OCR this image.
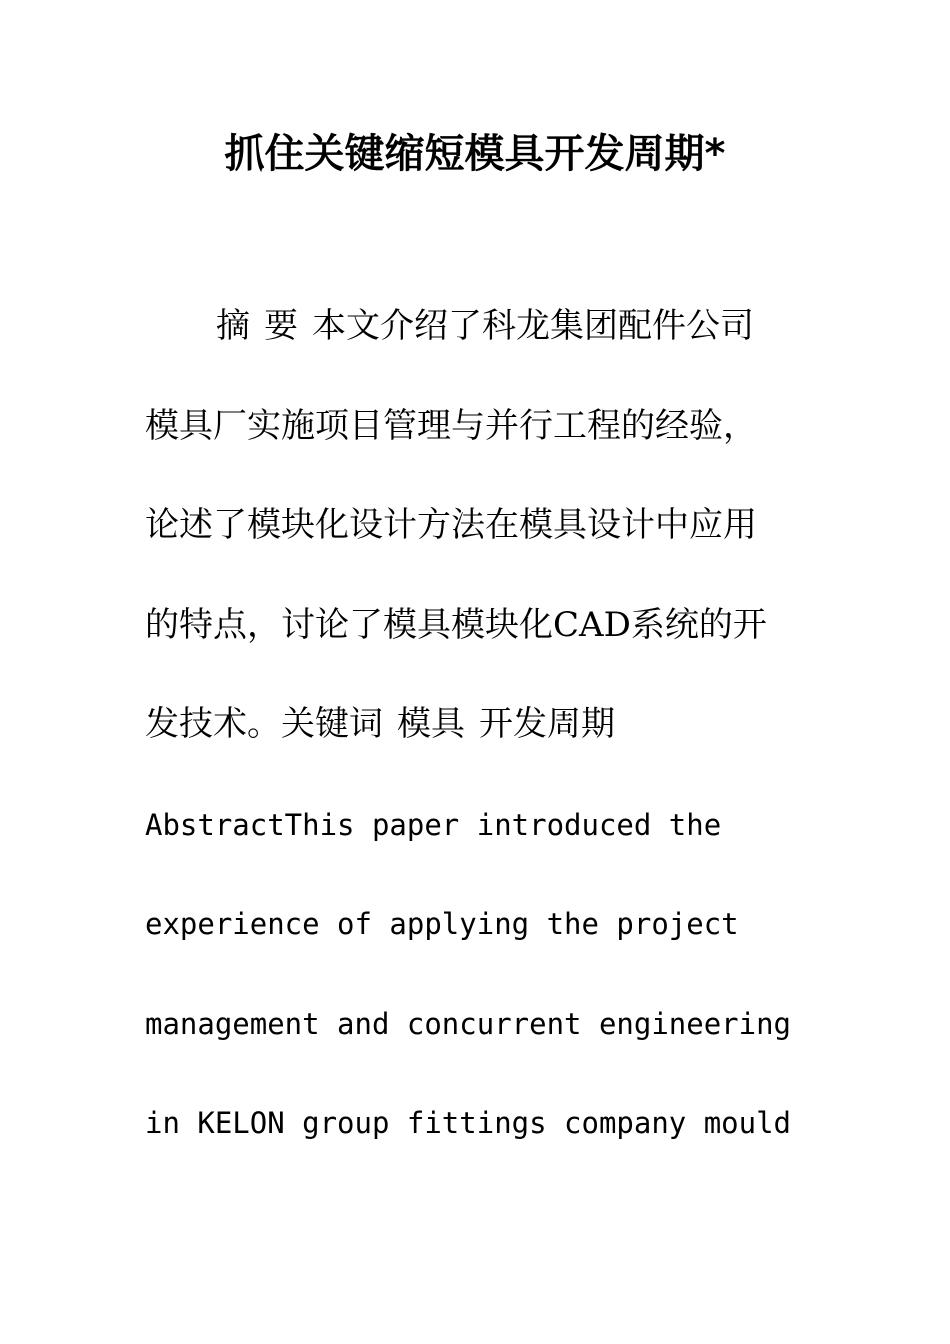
抓住关键缩短模具开发周期*
摘 要 本文介绍了科龙集团配件公司
模具厂实施项目管理与并行工程的经验，
论述了模块化设计方法在模具设计中应用
的特点，讨论了模具模块化CAD系统的开
发技术。关键词 模具 开发周期
AbstractThis paper introduced the
experience of applying the project
management and concurrent engineering
in KELON group fittings company mould
